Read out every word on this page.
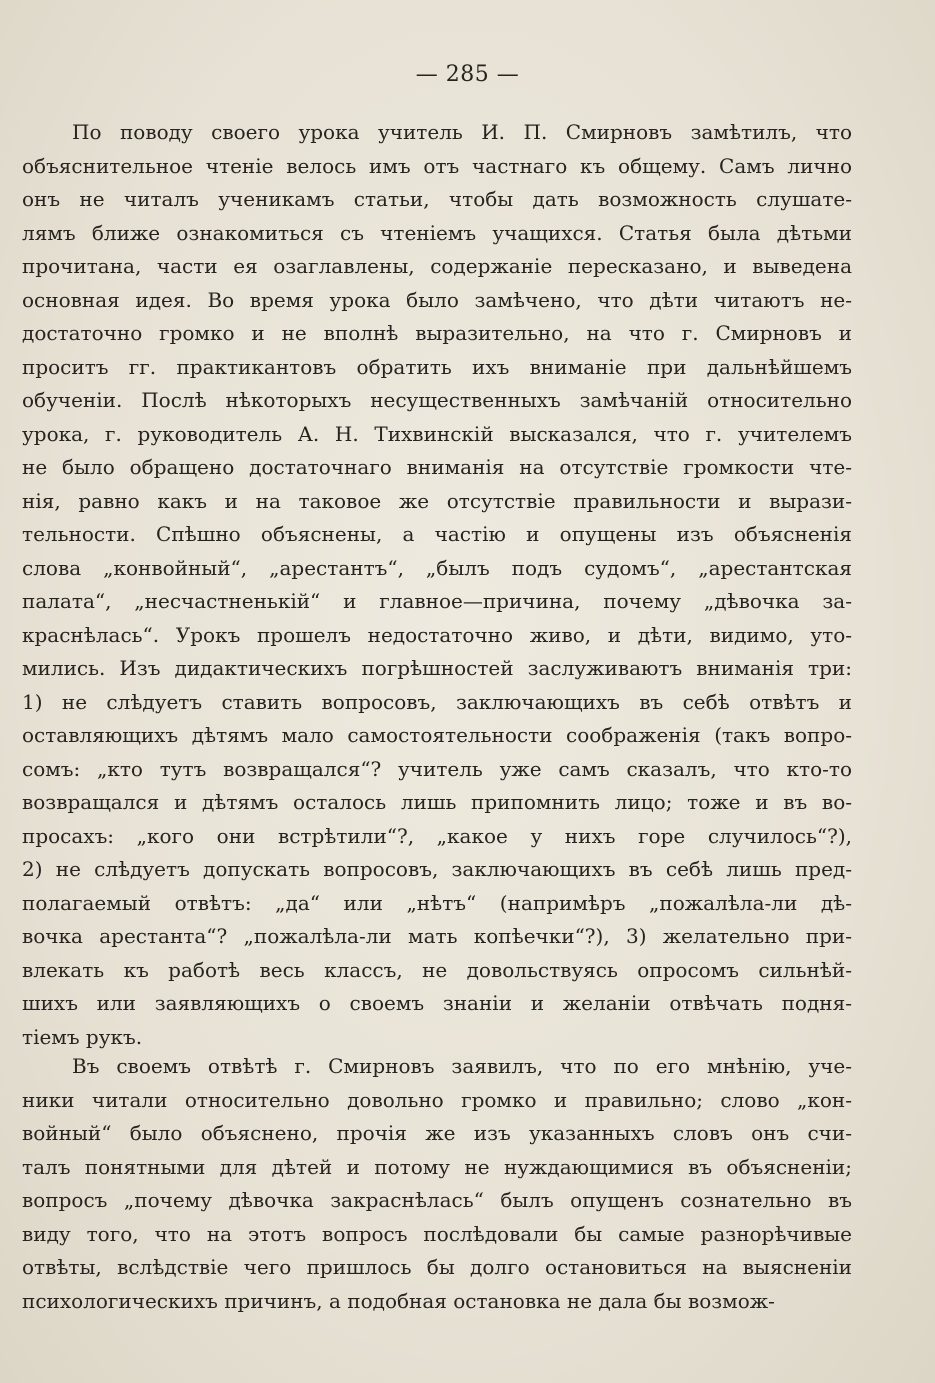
— 285 —
По поводу своего урока учитель И. П. Смирновъ замѣтилъ, что
объяснительное чтеніе велось имъ отъ частнаго къ общему. Самъ лично
онъ не читалъ ученикамъ статьи, чтобы дать возможность слушате-
лямъ ближе ознакомиться съ чтеніемъ учащихся. Статья была дѣтьми
прочитана, части ея озаглавлены, содержаніе пересказано, и выведена
основная идея. Во время урока было замѣчено, что дѣти читаютъ не-
достаточно громко и не вполнѣ выразительно, на что г. Смирновъ и
проситъ гг. практикантовъ обратить ихъ вниманіе при дальнѣйшемъ
обученіи. Послѣ нѣкоторыхъ несущественныхъ замѣчаній относительно
урока, г. руководитель А. Н. Тихвинскій высказался, что г. учителемъ
не было обращено достаточнаго вниманія на отсутствіе громкости чте-
нія, равно какъ и на таковое же отсутствіе правильности и вырази-
тельности. Спѣшно объяснены, а частію и опущены изъ объясненія
слова „конвойный“, „арестантъ“, „былъ подъ судомъ“, „арестантская
палата“, „несчастненькій“ и главное—причина, почему „дѣвочка за-
краснѣлась“. Урокъ прошелъ недостаточно живо, и дѣти, видимо, уто-
мились. Изъ дидактическихъ погрѣшностей заслуживаютъ вниманія три:
1) не слѣдуетъ ставить вопросовъ, заключающихъ въ себѣ отвѣтъ и
оставляющихъ дѣтямъ мало самостоятельности соображенія (такъ вопро-
сомъ: „кто тутъ возвращался“? учитель уже самъ сказалъ, что кто-то
возвращался и дѣтямъ осталось лишь припомнить лицо; тоже и въ во-
просахъ: „кого они встрѣтили“?, „какое у нихъ горе случилось“?),
2) не слѣдуетъ допускать вопросовъ, заключающихъ въ себѣ лишь пред-
полагаемый отвѣтъ: „да“ или „нѣтъ“ (напримѣръ „пожалѣла-ли дѣ-
вочка арестанта“? „пожалѣла-ли мать копѣечки“?), 3) желательно при-
влекать къ работѣ весь классъ, не довольствуясь опросомъ сильнѣй-
шихъ или заявляющихъ о своемъ знаніи и желаніи отвѣчать подня-
тіемъ рукъ.
Въ своемъ отвѣтѣ г. Смирновъ заявилъ, что по его мнѣнію, уче-
ники читали относительно довольно громко и правильно; слово „кон-
войный“ было объяснено, прочія же изъ указанныхъ словъ онъ счи-
талъ понятными для дѣтей и потому не нуждающимися въ объясненіи;
вопросъ „почему дѣвочка закраснѣлась“ былъ опущенъ сознательно въ
виду того, что на этотъ вопросъ послѣдовали бы самые разнорѣчивые
отвѣты, вслѣдствіе чего пришлось бы долго остановиться на выясненіи
психологическихъ причинъ, а подобная остановка не дала бы возмож-
